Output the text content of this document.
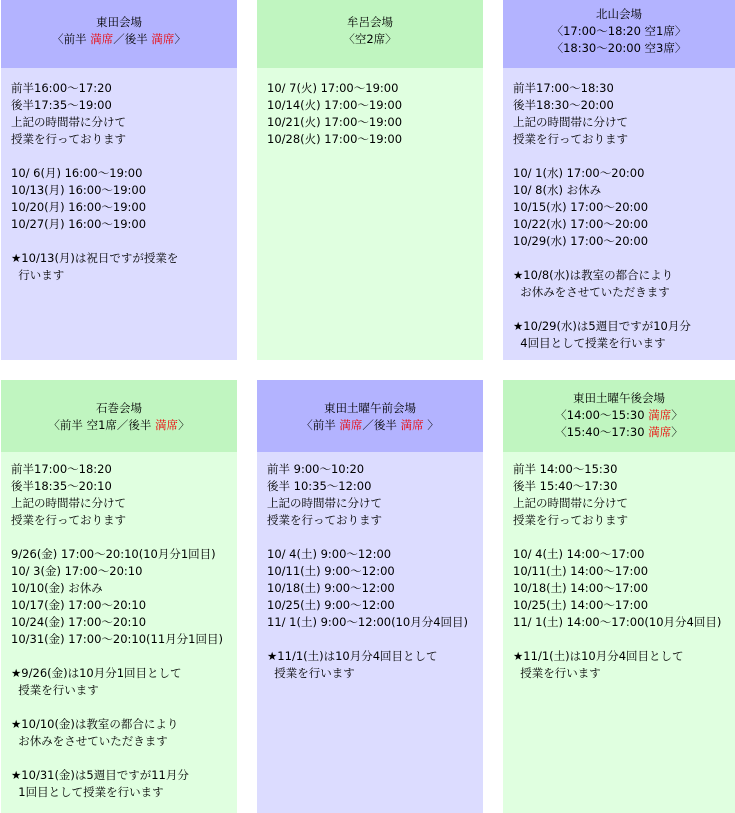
東田会場
〈前半 満席／後半 満席〉
前半16:00～17:20
後半17:35～19:00
上記の時間帯に分けて
授業を行っております
10/ 6(月) 16:00～19:00
10/13(月) 16:00～19:00
10/20(月) 16:00～19:00
10/27(月) 16:00～19:00
★10/13(月)は祝日ですが授業を
行います
牟呂会場
〈空2席〉
10/ 7(火) 17:00～19:00
10/14(火) 17:00～19:00
10/21(火) 17:00～19:00
10/28(火) 17:00～19:00
北山会場
〈17:00～18:20 空1席〉
〈18:30～20:00 空3席〉
前半17:00～18:30
後半18:30～20:00
上記の時間帯に分けて
授業を行っております
10/ 1(水) 17:00～20:00
10/ 8(水) お休み
10/15(水) 17:00～20:00
10/22(水) 17:00～20:00
10/29(水) 17:00～20:00
★10/8(水)は教室の都合により
お休みをさせていただきます
★10/29(水)は5週目ですが10月分
4回目として授業を行います
石巻会場
〈前半 空1席／後半 満席〉
前半17:00～18:20
後半18:35～20:10
上記の時間帯に分けて
授業を行っております
9/26(金) 17:00～20:10(10月分1回目)
10/ 3(金) 17:00～20:10
10/10(金) お休み
10/17(金) 17:00～20:10
10/24(金) 17:00～20:10
10/31(金) 17:00～20:10(11月分1回目)
★9/26(金)は10月分1回目として
授業を行います
★10/10(金)は教室の都合により
お休みをさせていただきます
★10/31(金)は5週目ですが11月分
1回目として授業を行います
東田土曜午前会場
〈前半 満席／後半 満席 〉
前半 9:00～10:20
後半 10:35～12:00
上記の時間帯に分けて
授業を行っております
10/ 4(土) 9:00～12:00
10/11(土) 9:00～12:00
10/18(土) 9:00～12:00
10/25(土) 9:00～12:00
11/ 1(土) 9:00～12:00(10月分4回目)
★11/1(土)は10月分4回目として
授業を行います
東田土曜午後会場
〈14:00～15:30 満席〉
〈15:40～17:30 満席〉
前半 14:00～15:30
後半 15:40～17:30
上記の時間帯に分けて
授業を行っております
10/ 4(土) 14:00～17:00
10/11(土) 14:00～17:00
10/18(土) 14:00～17:00
10/25(土) 14:00～17:00
11/ 1(土) 14:00～17:00(10月分4回目)
★11/1(土)は10月分4回目として
授業を行います
